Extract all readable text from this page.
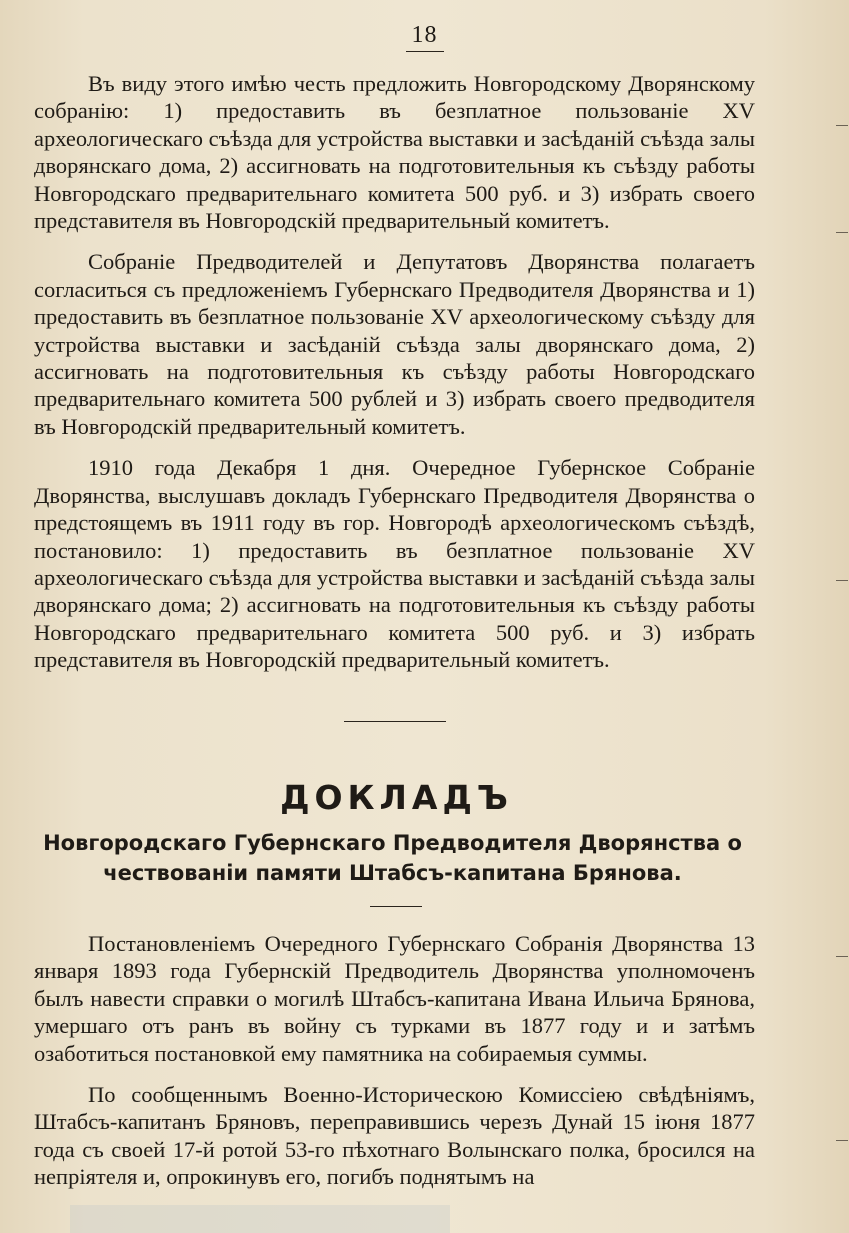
18

Въ виду этого имѣю честь предложить Новгородскому Дворянскому собранію: 1) предоставить въ безплатное пользованіе XV археологическаго съѣзда для устройства выставки и засѣданій съѣзда залы дворянскаго дома, 2) ассигновать на подготовительныя къ съѣзду работы Новгородскаго предварительнаго комитета 500 руб. и 3) избрать своего представителя въ Новгородскій предварительный комитетъ.

Собраніе Предводителей и Депутатовъ Дворянства полагаетъ согласиться съ предложеніемъ Губернскаго Предводителя Дворянства и 1) предоставить въ безплатное пользованіе XV археологическому съѣзду для устройства выставки и засѣданій съѣзда залы дворянскаго дома, 2) ассигновать на подготовительныя къ съѣзду работы Новгородскаго предварительнаго комитета 500 рублей и 3) избрать своего предводителя въ Новгородскій предварительный комитетъ.

1910 года Декабря 1 дня. Очередное Губернское Собраніе Дворянства, выслушавъ докладъ Губернскаго Предводителя Дворянства о предстоящемъ въ 1911 году въ гор. Новгородѣ археологическомъ съѣздѣ, постановило: 1) предоставить въ безплатное пользованіе XV археологическаго съѣзда для устройства выставки и засѣданій съѣзда залы дворянскаго дома; 2) ассигновать на подготовительныя къ съѣзду работы Новгородскаго предварительнаго комитета 500 руб. и 3) избрать представителя въ Новгородскій предварительный комитетъ.

ДОКЛАДЪ
Новгородскаго Губернскаго Предводителя Дворянства о чествованіи памяти Штабсъ-капитана Брянова.

Постановленіемъ Очередного Губернскаго Собранія Дворянства 13 января 1893 года Губернскій Предводитель Дворянства уполномоченъ былъ навести справки о могилѣ Штабсъ-капитана Ивана Ильича Брянова, умершаго отъ ранъ въ войну съ турками въ 1877 году и и затѣмъ озаботиться постановкой ему памятника на собираемыя суммы.

По сообщеннымъ Военно-Историческою Комиссіею свѣдѣніямъ, Штабсъ-капитанъ Бряновъ, переправившись черезъ Дунай 15 іюня 1877 года съ своей 17-й ротой 53-го пѣхотнаго Волынскаго полка, бросился на непріятеля и, опрокинувъ его, погибъ поднятымъ на
